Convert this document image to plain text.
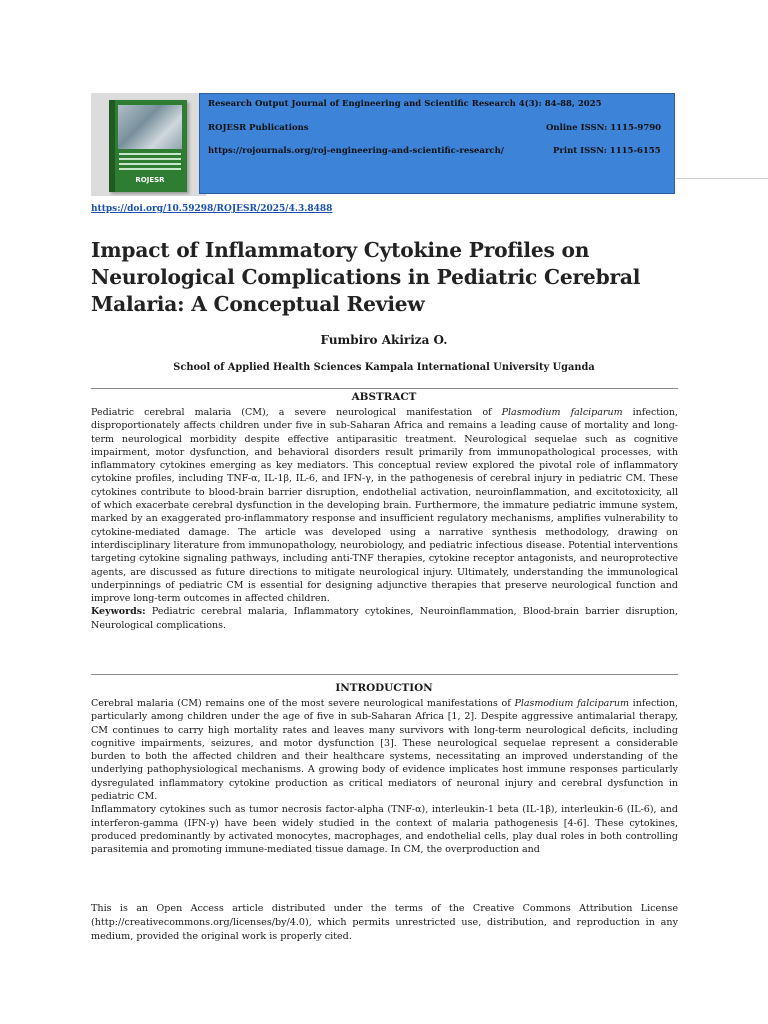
ROJESR
Research Output Journal of Engineering and Scientific Research 4(3): 84-88, 2025
ROJESR Publications	Online ISSN: 1115-9790
https://rojournals.org/roj-engineering-and-scientific-research/	Print ISSN: 1115-6155
https://doi.org/10.59298/ROJESR/2025/4.3.8488
Impact of Inflammatory Cytokine Profiles on Neurological Complications in Pediatric Cerebral Malaria: A Conceptual Review
Fumbiro Akiriza O.
School of Applied Health Sciences Kampala International University Uganda
ABSTRACT

Pediatric cerebral malaria (CM), a severe neurological manifestation of Plasmodium falciparum infection, disproportionately affects children under five in sub-Saharan Africa and remains a leading cause of mortality and long-term neurological morbidity despite effective antiparasitic treatment. Neurological sequelae such as cognitive impairment, motor dysfunction, and behavioral disorders result primarily from immunopathological processes, with inflammatory cytokines emerging as key mediators. This conceptual review explored the pivotal role of inflammatory cytokine profiles, including TNF-α, IL-1β, IL-6, and IFN-γ, in the pathogenesis of cerebral injury in pediatric CM. These cytokines contribute to blood-brain barrier disruption, endothelial activation, neuroinflammation, and excitotoxicity, all of which exacerbate cerebral dysfunction in the developing brain. Furthermore, the immature pediatric immune system, marked by an exaggerated pro-inflammatory response and insufficient regulatory mechanisms, amplifies vulnerability to cytokine-mediated damage. The article was developed using a narrative synthesis methodology, drawing on interdisciplinary literature from immunopathology, neurobiology, and pediatric infectious disease. Potential interventions targeting cytokine signaling pathways, including anti-TNF therapies, cytokine receptor antagonists, and neuroprotective agents, are discussed as future directions to mitigate neurological injury. Ultimately, understanding the immunological underpinnings of pediatric CM is essential for designing adjunctive therapies that preserve neurological function and improve long-term outcomes in affected children.

Keywords: Pediatric cerebral malaria, Inflammatory cytokines, Neuroinflammation, Blood-brain barrier disruption, Neurological complications.

INTRODUCTION

Cerebral malaria (CM) remains one of the most severe neurological manifestations of Plasmodium falciparum infection, particularly among children under the age of five in sub-Saharan Africa [1, 2]. Despite aggressive antimalarial therapy, CM continues to carry high mortality rates and leaves many survivors with long-term neurological deficits, including cognitive impairments, seizures, and motor dysfunction [3]. These neurological sequelae represent a considerable burden to both the affected children and their healthcare systems, necessitating an improved understanding of the underlying pathophysiological mechanisms. A growing body of evidence implicates host immune responses particularly dysregulated inflammatory cytokine production as critical mediators of neuronal injury and cerebral dysfunction in pediatric CM.

Inflammatory cytokines such as tumor necrosis factor-alpha (TNF-α), interleukin-1 beta (IL-1β), interleukin-6 (IL-6), and interferon-gamma (IFN-γ) have been widely studied in the context of malaria pathogenesis [4-6]. These cytokines, produced predominantly by activated monocytes, macrophages, and endothelial cells, play dual roles in both controlling parasitemia and promoting immune-mediated tissue damage. In CM, the overproduction and

This is an Open Access article distributed under the terms of the Creative Commons Attribution License (http://creativecommons.org/licenses/by/4.0), which permits unrestricted use, distribution, and reproduction in any medium, provided the original work is properly cited.
